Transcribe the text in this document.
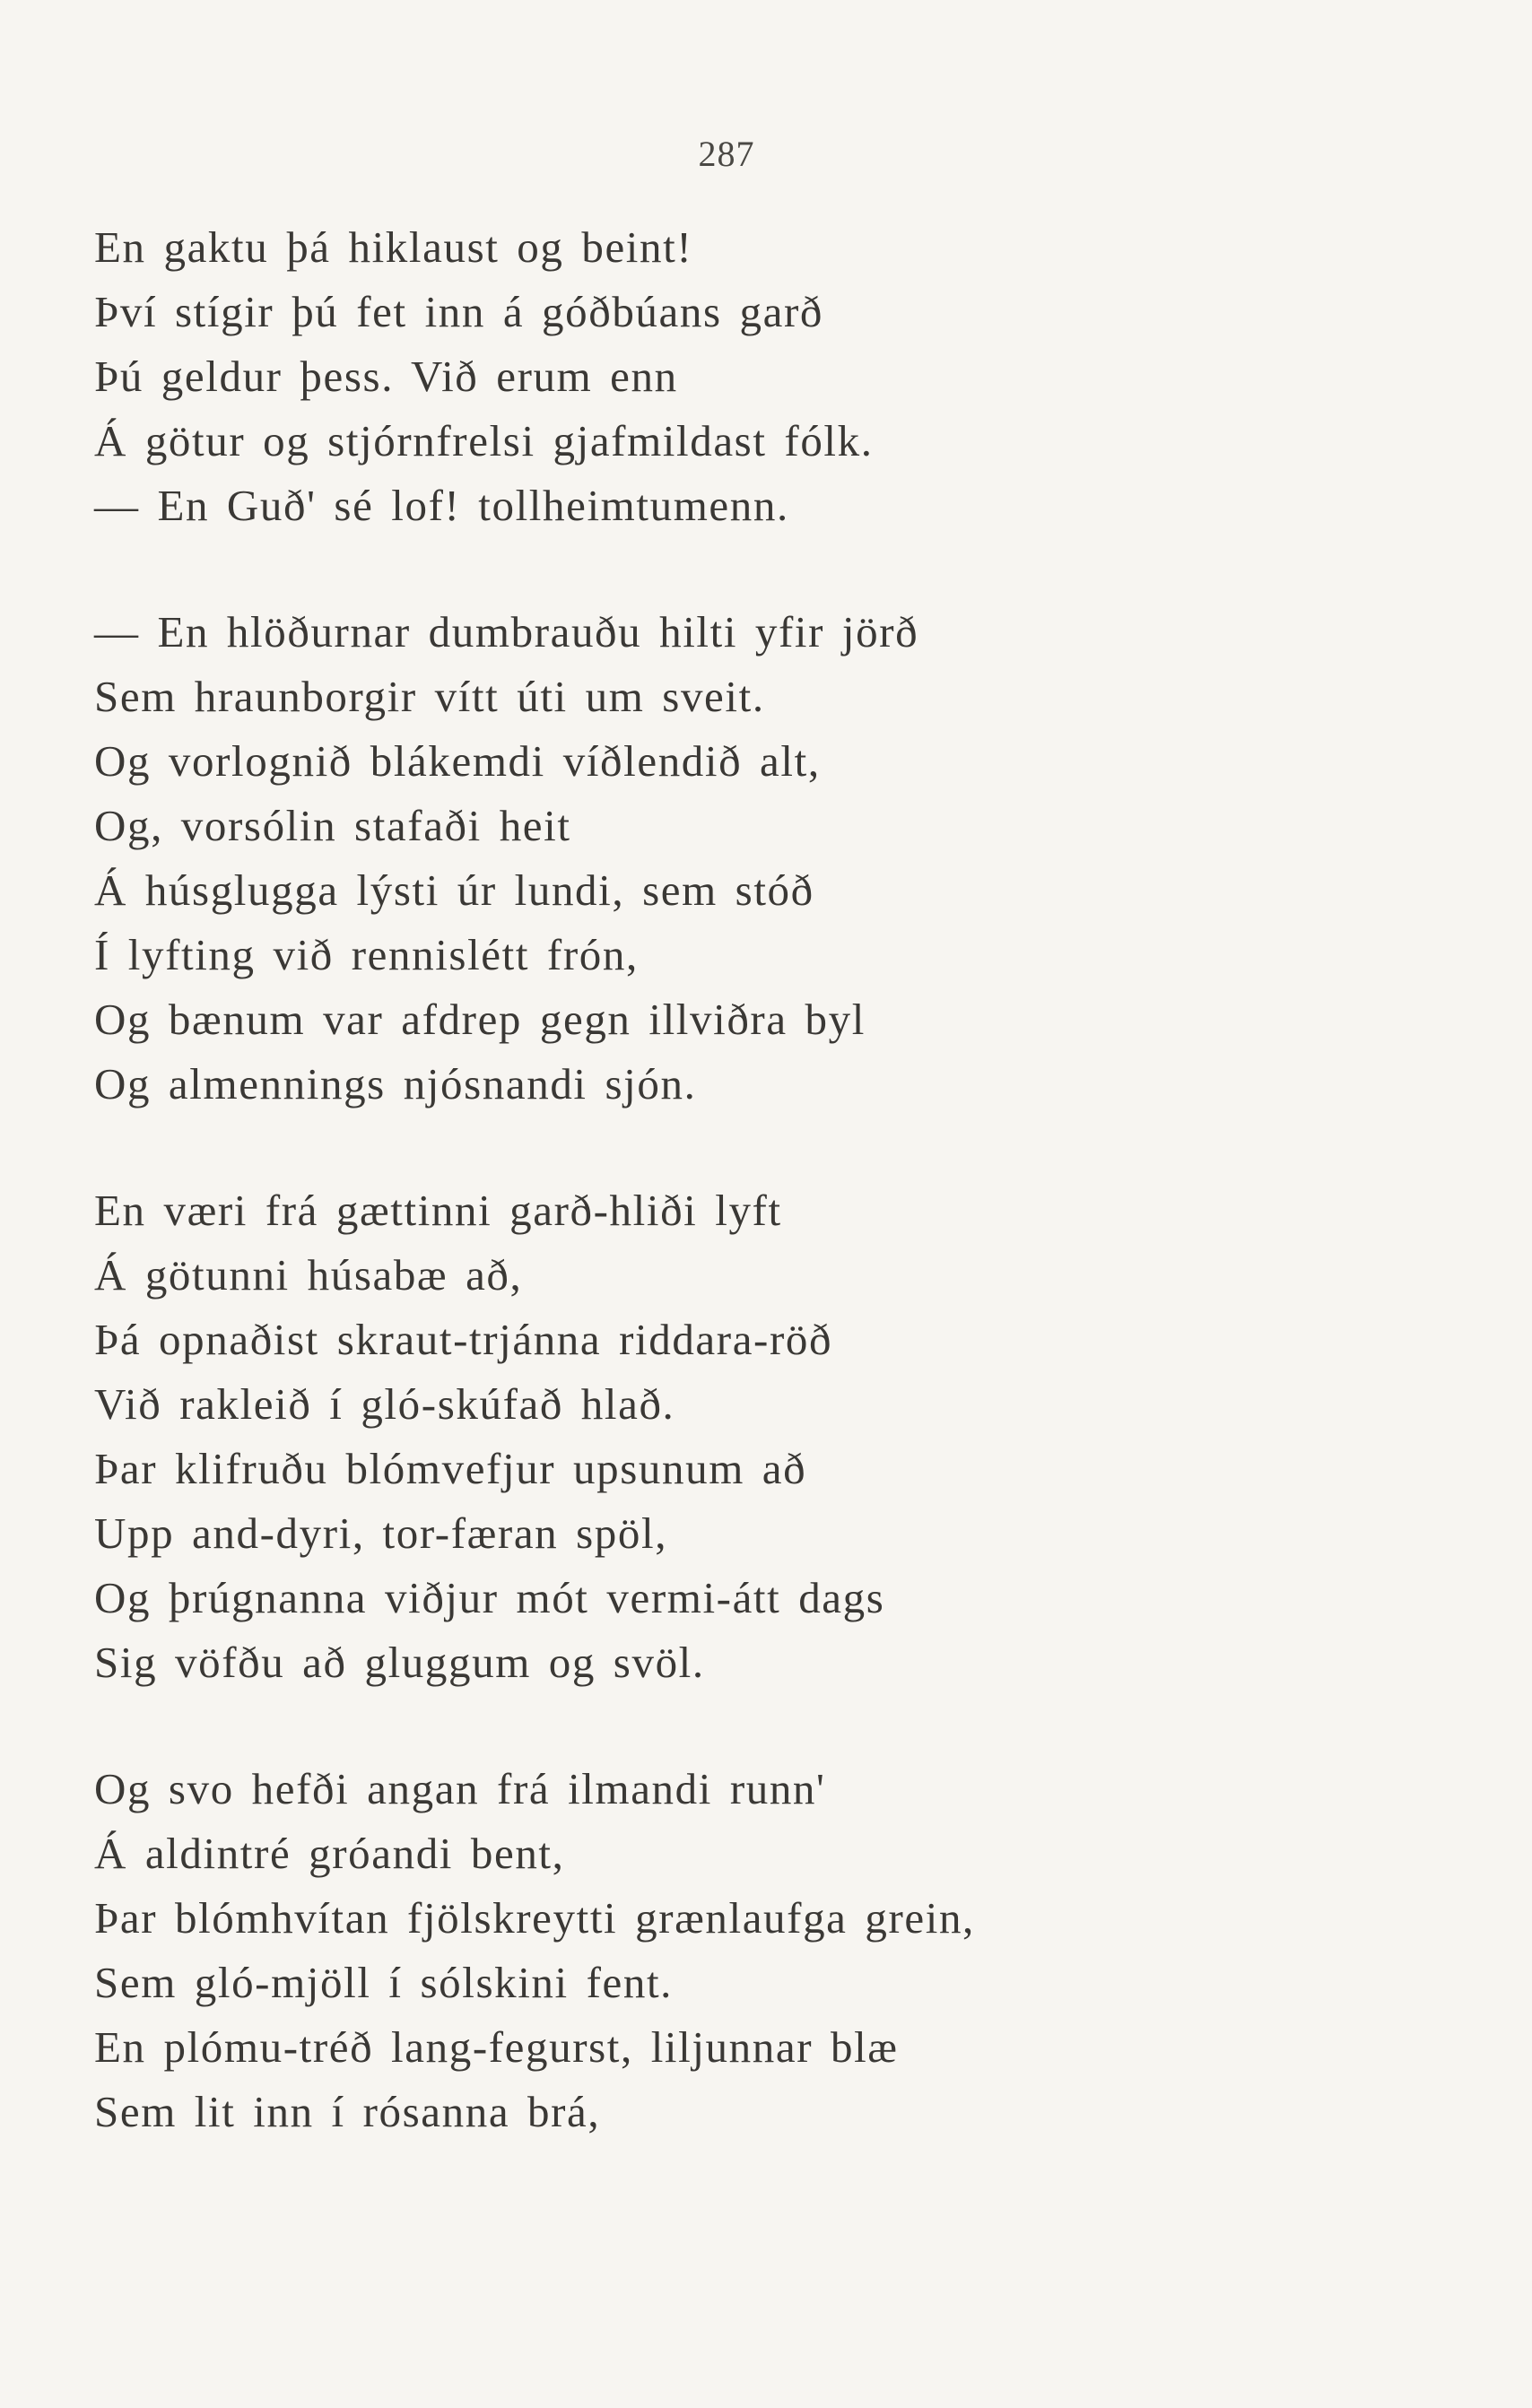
287
En gaktu þá hiklaust og beint!
Því stígir þú fet inn á góðbúans garð
Þú geldur þess. Við erum enn
Á götur og stjórnfrelsi gjafmildast fólk.
— En Guð' sé lof! tollheimtumenn.
— En hlöðurnar dumbrauðu hilti yfir jörð
Sem hraunborgir vítt úti um sveit.
Og vorlognið blákemdi víðlendið alt,
Og, vorsólin stafaði heit
Á húsglugga lýsti úr lundi, sem stóð
Í lyfting við rennislétt frón,
Og bænum var afdrep gegn illviðra byl
Og almennings njósnandi sjón.
En væri frá gættinni garð-hliði lyft
Á götunni húsabæ að,
Þá opnaðist skraut-trjánna riddara-röð
Við rakleið í gló-skúfað hlað.
Þar klifruðu blómvefjur upsunum að
Upp and-dyri, tor-færan spöl,
Og þrúgnanna viðjur mót vermi-átt dags
Sig vöfðu að gluggum og svöl.
Og svo hefði angan frá ilmandi runn'
Á aldintré gróandi bent,
Þar blómhvítan fjölskreytti grænlaufga grein,
Sem gló-mjöll í sólskini fent.
En plómu-tréð lang-fegurst, liljunnar blæ
Sem lit inn í rósanna brá,
